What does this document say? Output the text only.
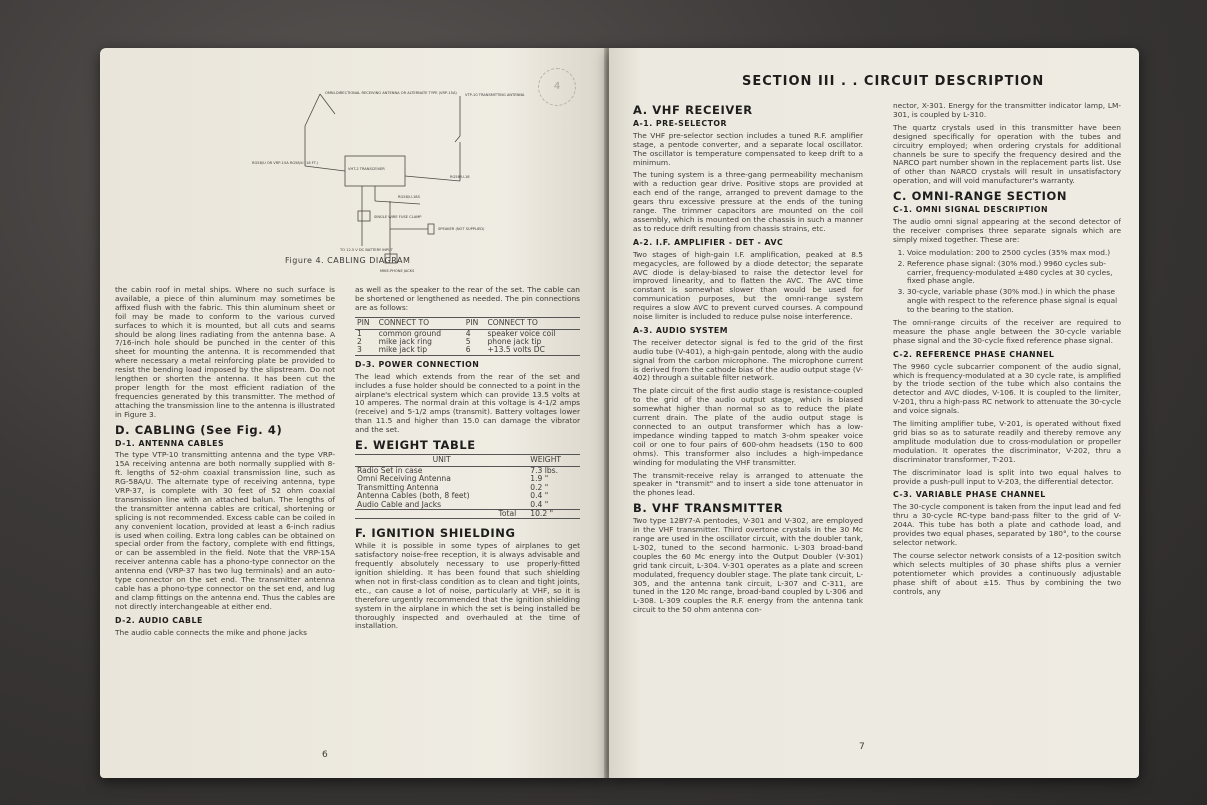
4
OMNI-DIRECTIONAL RECEIVING ANTENNA OR ALTERNATE TYPE (VRP-15A) VTP-10 TRANSMITTING ANTENNA
RG58/U OR VRP-15A RG58/U (18 FT.)
VHT-2 TRANSCEIVER
RG58/U-18
RG58/U-18S
SINGLE WIRE FUSE CLAMP
SPEAKER (NOT SUPPLIED)
TO 12.5 V DC BATTERY INPUT
MIKE-PHONE JACKS
Figure 4. CABLING DIAGRAM

the cabin roof in metal ships. Where no such surface is available, a piece of thin aluminum may sometimes be affixed flush with the fabric. This thin aluminum sheet or foil may be made to conform to the various curved surfaces to which it is mounted, but all cuts and seams should be along lines radiating from the antenna base. A 7/16-inch hole should be punched in the center of this sheet for mounting the antenna. It is recommended that where necessary a metal reinforcing plate be provided to resist the bending load imposed by the slipstream. Do not lengthen or shorten the antenna. It has been cut the proper length for the most efficient radiation of the frequencies generated by this transmitter. The method of attaching the transmission line to the antenna is illustrated in Figure 3.

D. CABLING (See Fig. 4)
D-1. ANTENNA CABLES

The type VTP-10 transmitting antenna and the type VRP-15A receiving antenna are both normally supplied with 8-ft. lengths of 52-ohm coaxial transmission line, such as RG-58A/U. The alternate type of receiving antenna, type VRP-37, is complete with 30 feet of 52 ohm coaxial transmission line with an attached balun. The lengths of the transmitter antenna cables are critical, shortening or splicing is not recommended. Excess cable can be coiled in any convenient location, provided at least a 6-inch radius is used when coiling. Extra long cables can be obtained on special order from the factory, complete with end fittings, or can be assembled in the field. Note that the VRP-15A receiver antenna cable has a phono-type connector on the antenna end (VRP-37 has two lug terminals) and an auto-type connector on the set end. The transmitter antenna cable has a phono-type connector on the set end, and lug and clamp fittings on the antenna end. Thus the cables are not directly interchangeable at either end.

D-2. AUDIO CABLE

The audio cable connects the mike and phone jacks

as well as the speaker to the rear of the set. The cable can be shortened or lengthened as needed. The pin connections are as follows:

PIN	CONNECT TO	PIN	CONNECT TO
1	common ground	4	speaker voice coil
2	mike jack ring	5	phone jack tip
3	mike jack tip	6	+13.5 volts DC
D-3. POWER CONNECTION

The lead which extends from the rear of the set and includes a fuse holder should be connected to a point in the airplane's electrical system which can provide 13.5 volts at 10 amperes. The normal drain at this voltage is 4-1/2 amps (receive) and 5-1/2 amps (transmit). Battery voltages lower than 11.5 and higher than 15.0 can damage the vibrator and the set.

E. WEIGHT TABLE
UNIT	WEIGHT
Radio Set in case	7.3 lbs.
Omni Receiving Antenna	1.9 "
Transmitting Antenna	0.2 "
Antenna Cables (both, 8 feet)	0.4 "
Audio Cable and Jacks	0.4 "
Total	10.2 "
F. IGNITION SHIELDING

While it is possible in some types of airplanes to get satisfactory noise-free reception, it is always advisable and frequently absolutely necessary to use properly-fitted ignition shielding. It has been found that such shielding when not in first-class condition as to clean and tight joints, etc., can cause a lot of noise, particularly at VHF, so it is therefore urgently recommended that the ignition shielding system in the airplane in which the set is being installed be thoroughly inspected and overhauled at the time of installation.

6
SECTION III . . CIRCUIT DESCRIPTION
A. VHF RECEIVER
A-1. PRE-SELECTOR

The VHF pre-selector section includes a tuned R.F. amplifier stage, a pentode converter, and a separate local oscillator. The oscillator is temperature compensated to keep drift to a minimum.

The tuning system is a three-gang permeability mechanism with a reduction gear drive. Positive stops are provided at each end of the range, arranged to prevent damage to the gears thru excessive pressure at the ends of the tuning range. The trimmer capacitors are mounted on the coil assembly, which is mounted on the chassis in such a manner as to reduce drift resulting from chassis strains, etc.

A-2. I.F. AMPLIFIER - DET - AVC

Two stages of high-gain I.F. amplification, peaked at 8.5 megacycles, are followed by a diode detector; the separate AVC diode is delay-biased to raise the detector level for improved linearity, and to flatten the AVC. The AVC time constant is somewhat slower than would be used for communication purposes, but the omni-range system requires a slow AVC to prevent curved courses. A compound noise limiter is included to reduce pulse noise interference.

A-3. AUDIO SYSTEM

The receiver detector signal is fed to the grid of the first audio tube (V-401), a high-gain pentode, along with the audio signal from the carbon microphone. The microphone current is derived from the cathode bias of the audio output stage (V-402) through a suitable filter network.

The plate circuit of the first audio stage is resistance-coupled to the grid of the audio output stage, which is biased somewhat higher than normal so as to reduce the plate current drain. The plate of the audio output stage is connected to an output transformer which has a low-impedance winding tapped to match 3-ohm speaker voice coil or one to four pairs of 600-ohm headsets (150 to 600 ohms). This transformer also includes a high-impedance winding for modulating the VHF transmitter.

The transmit-receive relay is arranged to attenuate the speaker in "transmit" and to insert a side tone attenuator in the phones lead.

B. VHF TRANSMITTER

Two type 12BY7-A pentodes, V-301 and V-302, are employed in the VHF transmitter. Third overtone crystals in the 30 Mc range are used in the oscillator circuit, with the doubler tank, L-302, tuned to the second harmonic. L-303 broad-band couples the 60 Mc energy into the Output Doubler (V-301) grid tank circuit, L-304. V-301 operates as a plate and screen modulated, frequency doubler stage. The plate tank circuit, L-305, and the antenna tank circuit, L-307 and C-311, are tuned in the 120 Mc range, broad-band coupled by L-306 and L-308. L-309 couples the R.F. energy from the antenna tank circuit to the 50 ohm antenna con-

nector, X-301. Energy for the transmitter indicator lamp, LM-301, is coupled by L-310.

The quartz crystals used in this transmitter have been designed specifically for operation with the tubes and circuitry employed; when ordering crystals for additional channels be sure to specify the frequency desired and the NARCO part number shown in the replacement parts list. Use of other than NARCO crystals will result in unsatisfactory operation, and will void manufacturer's warranty.

C. OMNI-RANGE SECTION
C-1. OMNI SIGNAL DESCRIPTION

The audio omni signal appearing at the second detector of the receiver comprises three separate signals which are simply mixed together. These are:

1. Voice modulation: 200 to 2500 cycles (35% max mod.)
2. Reference phase signal: (30% mod.) 9960 cycles sub-carrier, frequency-modulated ±480 cycles at 30 cycles, fixed phase angle.
3. 30-cycle, variable phase (30% mod.) in which the phase angle with respect to the reference phase signal is equal to the bearing to the station.

The omni-range circuits of the receiver are required to measure the phase angle between the 30-cycle variable phase signal and the 30-cycle fixed reference phase signal.

C-2. REFERENCE PHASE CHANNEL

The 9960 cycle subcarrier component of the audio signal, which is frequency-modulated at a 30 cycle rate, is amplified by the triode section of the tube which also contains the detector and AVC diodes, V-106. It is coupled to the limiter, V-201, thru a high-pass RC network to attenuate the 30-cycle and voice signals.

The limiting amplifier tube, V-201, is operated without fixed grid bias so as to saturate readily and thereby remove any amplitude modulation due to cross-modulation or propeller modulation. It operates the discriminator, V-202, thru a discriminator transformer, T-201.

The discriminator load is split into two equal halves to provide a push-pull input to V-203, the differential detector.

C-3. VARIABLE PHASE CHANNEL

The 30-cycle component is taken from the input lead and fed thru a 30-cycle RC-type band-pass filter to the grid of V-204A. This tube has both a plate and cathode load, and provides two equal phases, separated by 180°, to the course selector network.

The course selector network consists of a 12-position switch which selects multiples of 30 phase shifts plus a vernier potentiometer which provides a continuously adjustable phase shift of about ±15. Thus by combining the two controls, any

7
